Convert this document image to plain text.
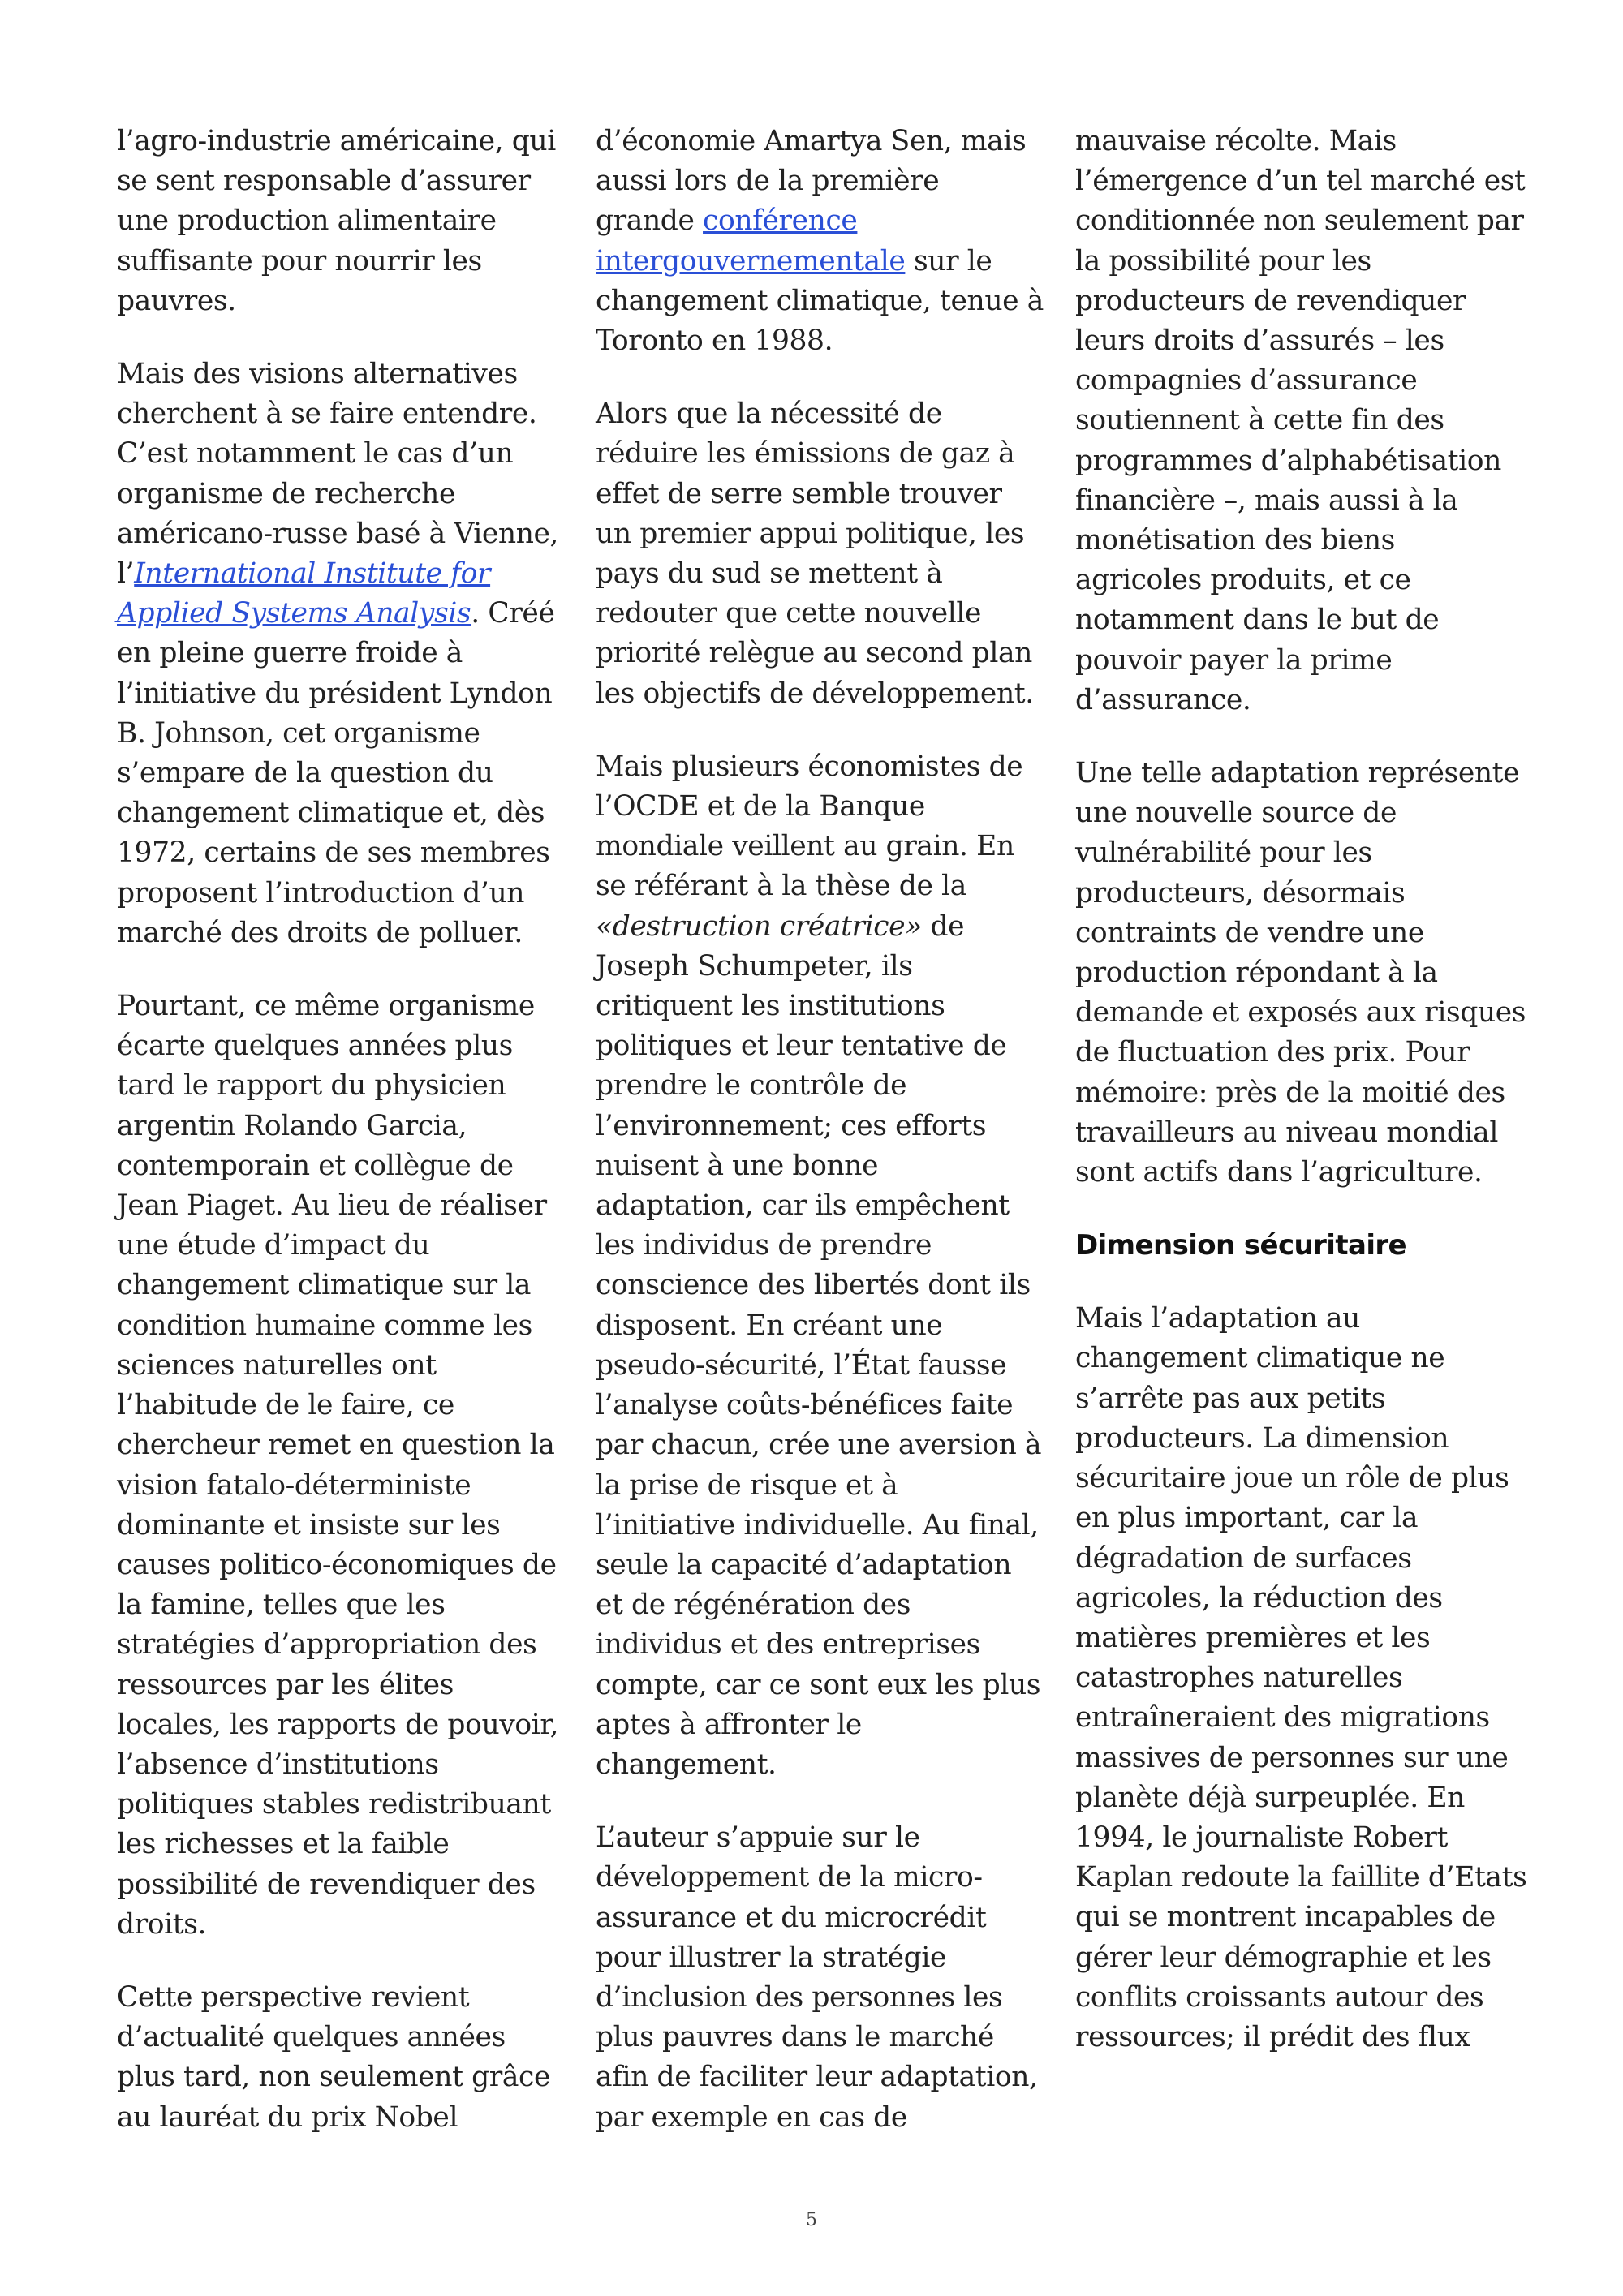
l’agro-industrie américaine, qui se sent responsable d’assurer une production alimentaire suffisante pour nourrir les pauvres.

Mais des visions alternatives cherchent à se faire entendre. C’est notamment le cas d’un organisme de recherche américano-russe basé à Vienne, l’International Institute for Applied Systems Analysis. Créé en pleine guerre froide à l’initiative du président Lyndon B. Johnson, cet organisme s’empare de la question du changement climatique et, dès 1972, certains de ses membres proposent l’introduction d’un marché des droits de polluer.

Pourtant, ce même organisme écarte quelques années plus tard le rapport du physicien argentin Rolando Garcia, contemporain et collègue de Jean Piaget. Au lieu de réaliser une étude d’impact du changement climatique sur la condition humaine comme les sciences naturelles ont l’habitude de le faire, ce chercheur remet en question la vision fatalo-déterministe dominante et insiste sur les causes politico-économiques de la famine, telles que les stratégies d’appropriation des ressources par les élites locales, les rapports de pouvoir, l’absence d’institutions politiques stables redistribuant les richesses et la faible possibilité de revendiquer des droits.

Cette perspective revient d’actualité quelques années plus tard, non seulement grâce au lauréat du prix Nobel

d’économie Amartya Sen, mais aussi lors de la première grande conférence intergouvernementale sur le changement climatique, tenue à Toronto en 1988.

Alors que la nécessité de réduire les émissions de gaz à effet de serre semble trouver un premier appui politique, les pays du sud se mettent à redouter que cette nouvelle priorité relègue au second plan les objectifs de développement.

Mais plusieurs économistes de l’OCDE et de la Banque mondiale veillent au grain. En se référant à la thèse de la «destruction créatrice» de Joseph Schumpeter, ils critiquent les institutions politiques et leur tentative de prendre le contrôle de l’environnement; ces efforts nuisent à une bonne adaptation, car ils empêchent les individus de prendre conscience des libertés dont ils disposent. En créant une pseudo-sécurité, l’État fausse l’analyse coûts-bénéfices faite par chacun, crée une aversion à la prise de risque et à l’initiative individuelle. Au final, seule la capacité d’adaptation et de régénération des individus et des entreprises compte, car ce sont eux les plus aptes à affronter le changement.

L’auteur s’appuie sur le développement de la micro-assurance et du microcrédit pour illustrer la stratégie d’inclusion des personnes les plus pauvres dans le marché afin de faciliter leur adaptation, par exemple en cas de

mauvaise récolte. Mais l’émergence d’un tel marché est conditionnée non seulement par la possibilité pour les producteurs de revendiquer leurs droits d’assurés – les compagnies d’assurance soutiennent à cette fin des programmes d’alphabétisation financière –, mais aussi à la monétisation des biens agricoles produits, et ce notamment dans le but de pouvoir payer la prime d’assurance.

Une telle adaptation représente une nouvelle source de vulnérabilité pour les producteurs, désormais contraints de vendre une production répondant à la demande et exposés aux risques de fluctuation des prix. Pour mémoire: près de la moitié des travailleurs au niveau mondial sont actifs dans l’agriculture.

Dimension sécuritaire

Mais l’adaptation au changement climatique ne s’arrête pas aux petits producteurs. La dimension sécuritaire joue un rôle de plus en plus important, car la dégradation de surfaces agricoles, la réduction des matières premières et les catastrophes naturelles entraîneraient des migrations massives de personnes sur une planète déjà surpeuplée. En 1994, le journaliste Robert Kaplan redoute la faillite d’Etats qui se montrent incapables de gérer leur démographie et les conflits croissants autour des ressources; il prédit des flux

5
